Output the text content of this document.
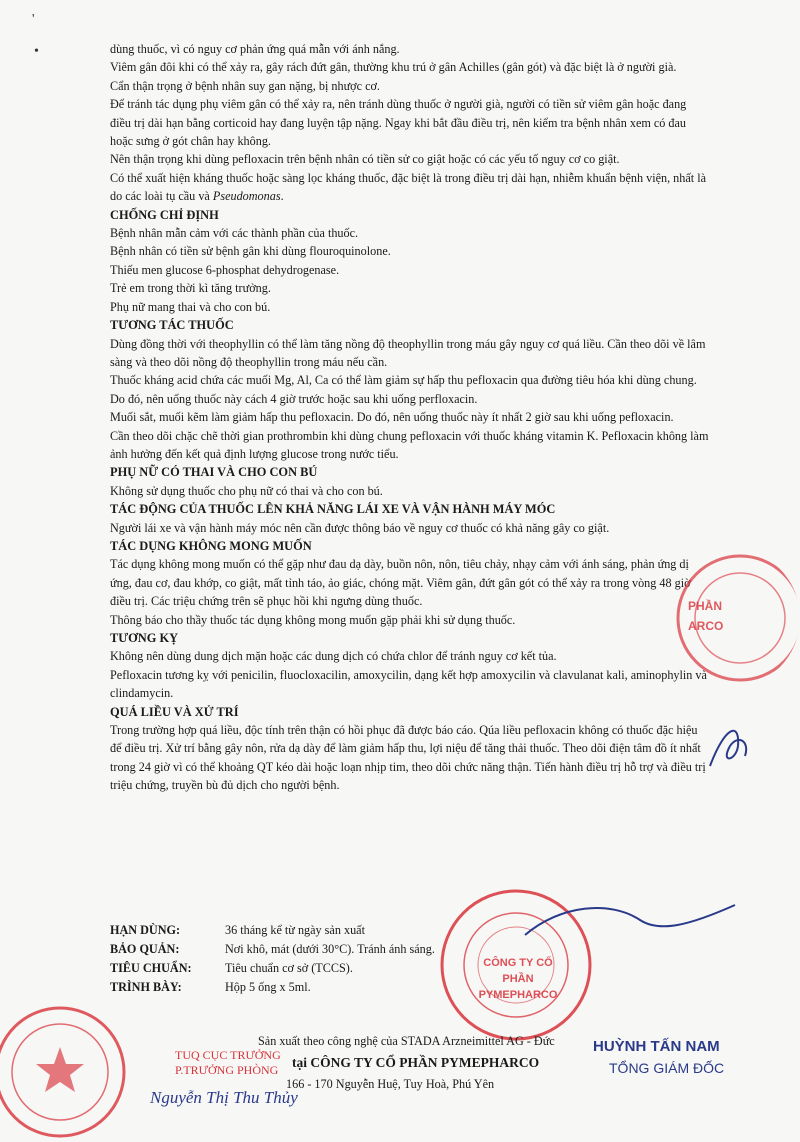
'
•	dùng thuốc, vì có nguy cơ phản ứng quá mẫn với ánh nắng.

Viêm gân đôi khi có thể xảy ra, gây rách đứt gân, thường khu trú ở gân Achilles (gân gót) và đặc biệt là ở người già.

Cẩn thận trọng ở bệnh nhân suy gan nặng, bị nhược cơ.

Để tránh tác dụng phụ viêm gân có thể xảy ra, nên tránh dùng thuốc ở người già, người có tiền sử viêm gân hoặc đang điều trị dài hạn bằng corticoid hay đang luyện tập nặng. Ngay khi bắt đầu điều trị, nên kiểm tra bệnh nhân xem có đau hoặc sưng ở gót chân hay không.

Nên thận trọng khi dùng pefloxacin trên bệnh nhân có tiền sử co giật hoặc có các yếu tố nguy cơ co giật.

Có thể xuất hiện kháng thuốc hoặc sàng lọc kháng thuốc, đặc biệt là trong điều trị dài hạn, nhiễm khuẩn bệnh viện, nhất là do các loài tụ cầu và Pseudomonas.

CHỐNG CHỈ ĐỊNH

Bệnh nhân mẫn cảm với các thành phần của thuốc.

Bệnh nhân có tiền sử bệnh gân khi dùng flouroquinolone.

Thiếu men glucose 6-phosphat dehydrogenase.

Trẻ em trong thời kì tăng trưởng.

Phụ nữ mang thai và cho con bú.

TƯƠNG TÁC THUỐC

Dùng đồng thời với theophyllin có thể làm tăng nồng độ theophyllin trong máu gây nguy cơ quá liều. Cần theo dõi về lâm sàng và theo dõi nồng độ theophyllin trong máu nếu cần.

Thuốc kháng acid chứa các muối Mg, Al, Ca có thể làm giảm sự hấp thu pefloxacin qua đường tiêu hóa khi dùng chung. Do đó, nên uống thuốc này cách 4 giờ trước hoặc sau khi uống perfloxacin.

Muối sắt, muối kẽm làm giảm hấp thu pefloxacin. Do đó, nên uống thuốc này ít nhất 2 giờ sau khi uống pefloxacin.

Cần theo dõi chặc chẽ thời gian prothrombin khi dùng chung pefloxacin với thuốc kháng vitamin K. Pefloxacin không làm ảnh hưởng đến kết quả định lượng glucose trong nước tiểu.

PHỤ NỮ CÓ THAI VÀ CHO CON BÚ

Không sử dụng thuốc cho phụ nữ có thai và cho con bú.

TÁC ĐỘNG CỦA THUỐC LÊN KHẢ NĂNG LÁI XE VÀ VẬN HÀNH MÁY MÓC

Người lái xe và vận hành máy móc nên cần được thông báo về nguy cơ thuốc có khả năng gây co giật.

TÁC DỤNG KHÔNG MONG MUỐN

Tác dụng không mong muốn có thể gặp như đau dạ dày, buồn nôn, nôn, tiêu chảy, nhạy cảm với ánh sáng, phản ứng dị ứng, đau cơ, đau khớp, co giật, mất tỉnh táo, ảo giác, chóng mặt. Viêm gân, đứt gân gót có thể xảy ra trong vòng 48 giờ điều trị. Các triệu chứng trên sẽ phục hồi khi ngưng dùng thuốc.

Thông báo cho thầy thuốc tác dụng không mong muốn gặp phải khi sử dụng thuốc.

TƯƠNG KỴ

Không nên dùng dung dịch mặn hoặc các dung dịch có chứa chlor để tránh nguy cơ kết tủa.

Pefloxacin tương kỵ với penicilin, fluocloxacilin, amoxycilin, dạng kết hợp amoxycilin và clavulanat kali, aminophylin và clindamycin.

QUÁ LIỀU VÀ XỬ TRÍ

Trong trường hợp quá liều, độc tính trên thận có hồi phục đã được báo cáo. Qúa liều pefloxacin không có thuốc đặc hiệu để điều trị. Xử trí bằng gây nôn, rửa dạ dày để làm giảm hấp thu, lợi niệu để tăng thải thuốc. Theo dõi điện tâm đồ ít nhất trong 24 giờ vì có thể khoảng QT kéo dài hoặc loạn nhịp tim, theo dõi chức năng thận. Tiến hành điều trị hỗ trợ và điều trị triệu chứng, truyền bù đủ dịch cho người bệnh.

HẠN DÙNG:	36 tháng kể từ ngày sản xuất
BẢO QUẢN:	Nơi khô, mát (dưới 30°C). Tránh ánh sáng.
TIÊU CHUẨN:	Tiêu chuẩn cơ sở (TCCS).
TRÌNH BÀY:	Hộp 5 ống x 5ml.
CÔNG TY CỔ PHẦN PYMEPHARCO
PHẦN ARCO
HUỲNH TẤN NAM
TỔNG GIÁM ĐỐC
TUQ CỤC TRƯỞNG
P.TRƯỞNG PHÒNG
Nguyễn Thị Thu Thủy
Sản xuất theo công nghệ của STADA Arzneimittel AG - Đức
tại CÔNG TY CỔ PHẦN PYMEPHARCO
166 - 170 Nguyễn Huệ, Tuy Hoà, Phú Yên
